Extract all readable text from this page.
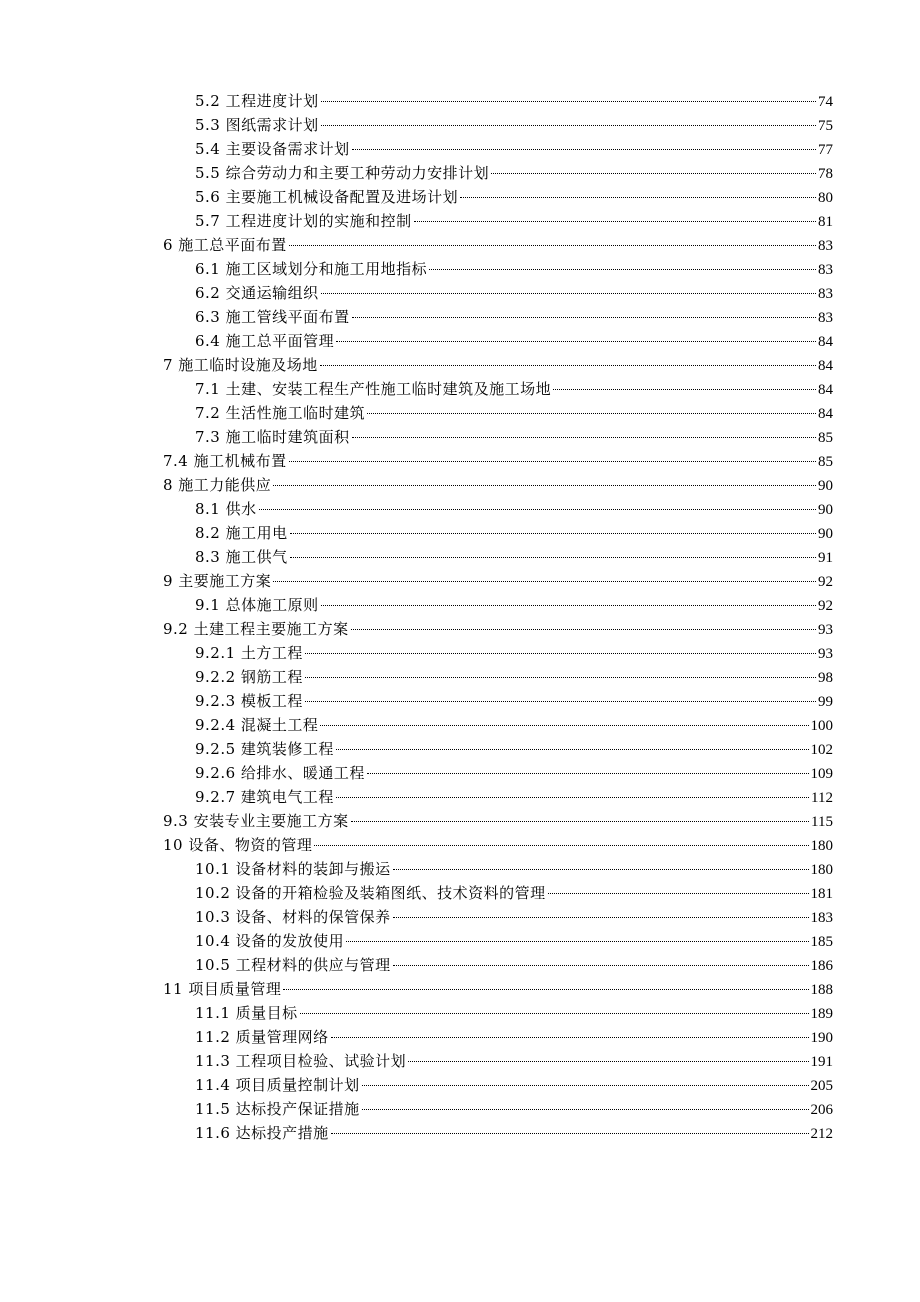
5.2 工程进度计划	74
5.3 图纸需求计划	75
5.4 主要设备需求计划	77
5.5 综合劳动力和主要工种劳动力安排计划	78
5.6 主要施工机械设备配置及进场计划	80
5.7 工程进度计划的实施和控制	81
6 施工总平面布置	83
6.1 施工区域划分和施工用地指标	83
6.2 交通运输组织	83
6.3 施工管线平面布置	83
6.4 施工总平面管理	84
7 施工临时设施及场地	84
7.1 土建、安装工程生产性施工临时建筑及施工场地	84
7.2 生活性施工临时建筑	84
7.3 施工临时建筑面积	85
7.4 施工机械布置	85
8 施工力能供应	90
8.1 供水	90
8.2 施工用电	90
8.3 施工供气	91
9 主要施工方案	92
9.1 总体施工原则	92
9.2 土建工程主要施工方案	93
9.2.1 土方工程	93
9.2.2 钢筋工程	98
9.2.3 模板工程	99
9.2.4 混凝土工程	100
9.2.5 建筑装修工程	102
9.2.6 给排水、暖通工程	109
9.2.7 建筑电气工程	112
9.3 安装专业主要施工方案	115
10 设备、物资的管理	180
10.1 设备材料的装卸与搬运	180
10.2 设备的开箱检验及装箱图纸、技术资料的管理	181
10.3 设备、材料的保管保养	183
10.4 设备的发放使用	185
10.5 工程材料的供应与管理	186
11 项目质量管理	188
11.1 质量目标	189
11.2 质量管理网络	190
11.3 工程项目检验、试验计划	191
11.4 项目质量控制计划	205
11.5 达标投产保证措施	206
11.6 达标投产措施	212
